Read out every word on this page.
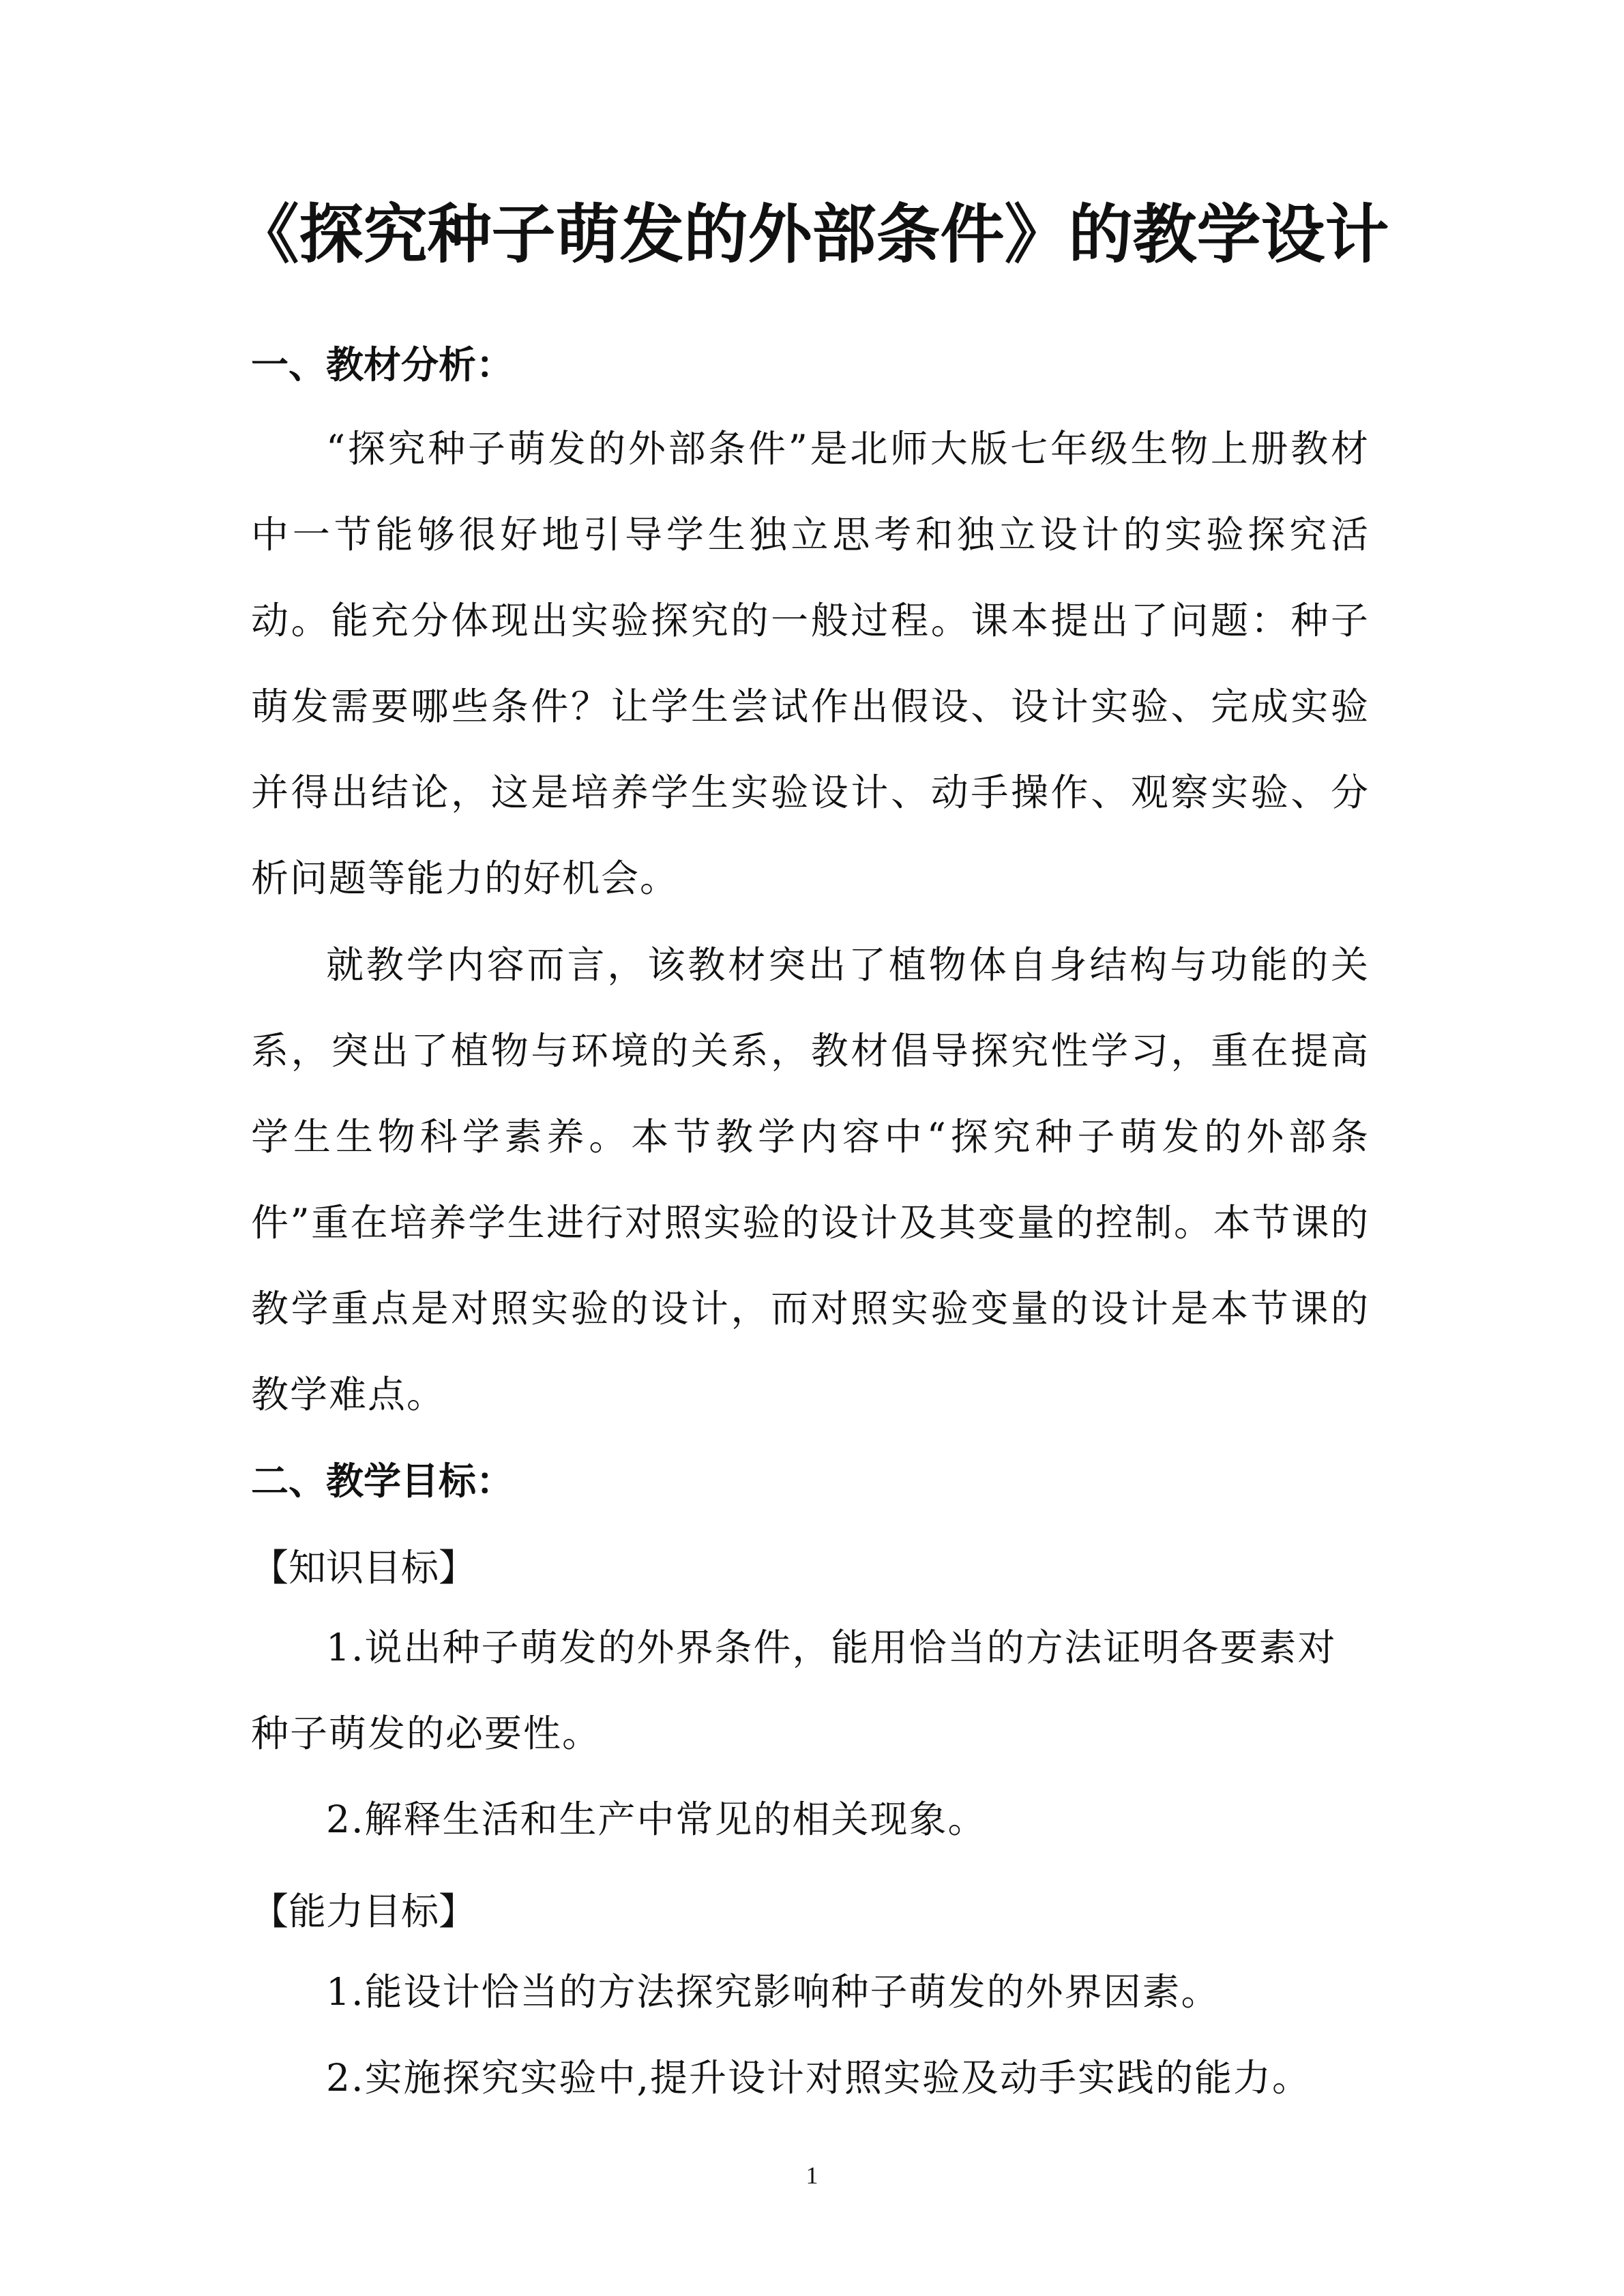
《探究种子萌发的外部条件》的教学设计
一、教材分析：
“探究种子萌发的外部条件”是北师大版七年级生物上册教材中一节能够很好地引导学生独立思考和独立设计的实验探究活动。能充分体现出实验探究的一般过程。课本提出了问题：种子萌发需要哪些条件？让学生尝试作出假设、设计实验、完成实验并得出结论，这是培养学生实验设计、动手操作、观察实验、分析问题等能力的好机会。
就教学内容而言，该教材突出了植物体自身结构与功能的关系，突出了植物与环境的关系，教材倡导探究性学习，重在提高学生生物科学素养。本节教学内容中“探究种子萌发的外部条件”重在培养学生进行对照实验的设计及其变量的控制。本节课的教学重点是对照实验的设计，而对照实验变量的设计是本节课的教学难点。
二、教学目标：
【知识目标】
1.说出种子萌发的外界条件，能用恰当的方法证明各要素对种子萌发的必要性。
2.解释生活和生产中常见的相关现象。
【能力目标】
1.能设计恰当的方法探究影响种子萌发的外界因素。
2.实施探究实验中,提升设计对照实验及动手实践的能力。
1
